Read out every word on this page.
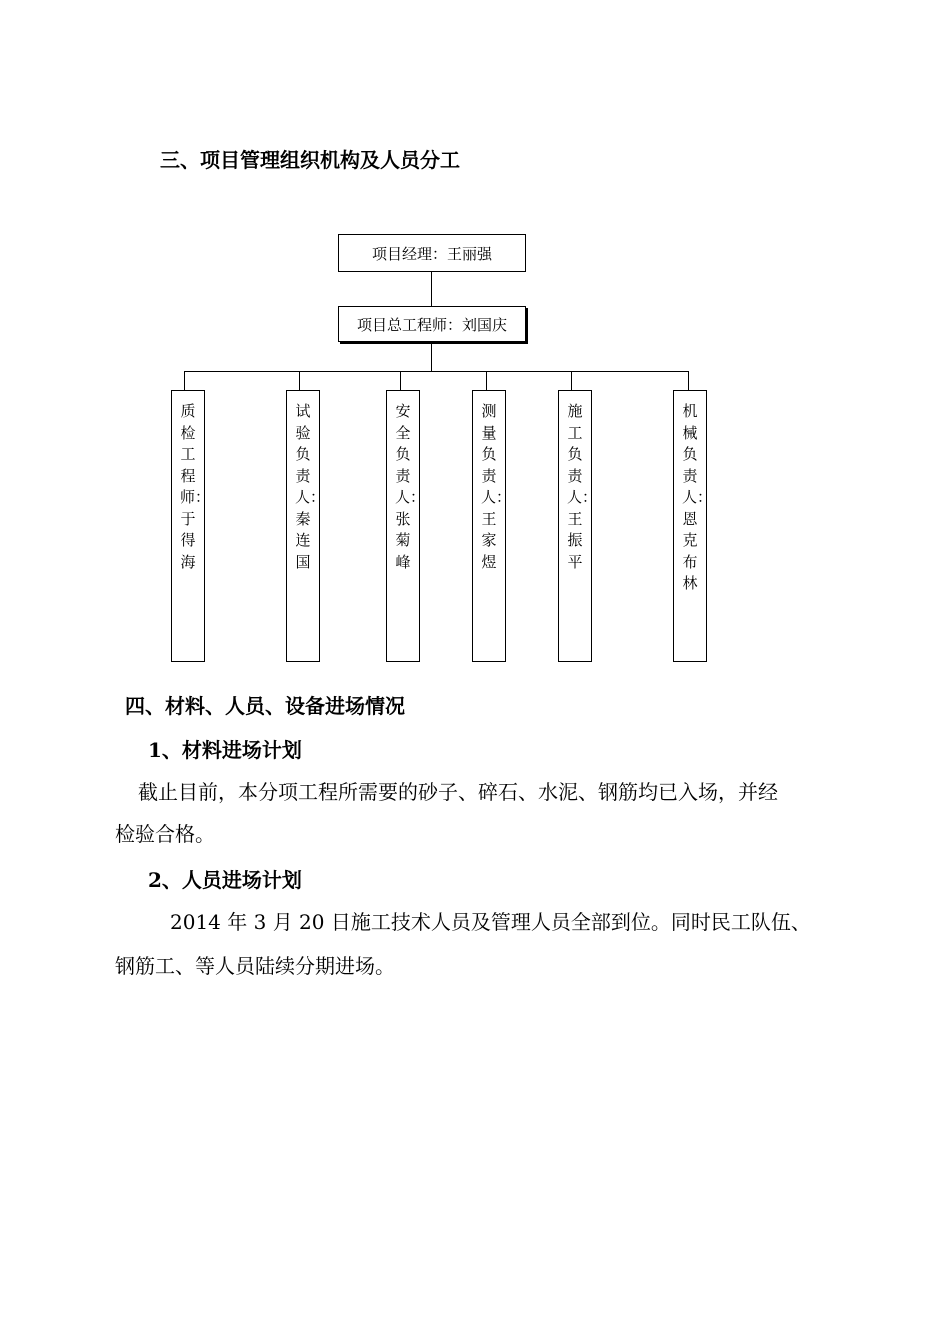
三、项目管理组织机构及人员分工
项目经理：王丽强
项目总工程师：刘国庆
质检工程师：于得海
试验负责人：秦连国
安全负责人：张菊峰
测量负责人：王家煜
施工负责人：王振平
机械负责人：恩克布林
四、材料、人员、设备进场情况
1、材料进场计划
截止目前，本分项工程所需要的砂子、碎石、水泥、钢筋均已入场，并经
检验合格。
2、人员进场计划
2014 年 3 月 20 日施工技术人员及管理人员全部到位。同时民工队伍、
钢筋工、等人员陆续分期进场。
